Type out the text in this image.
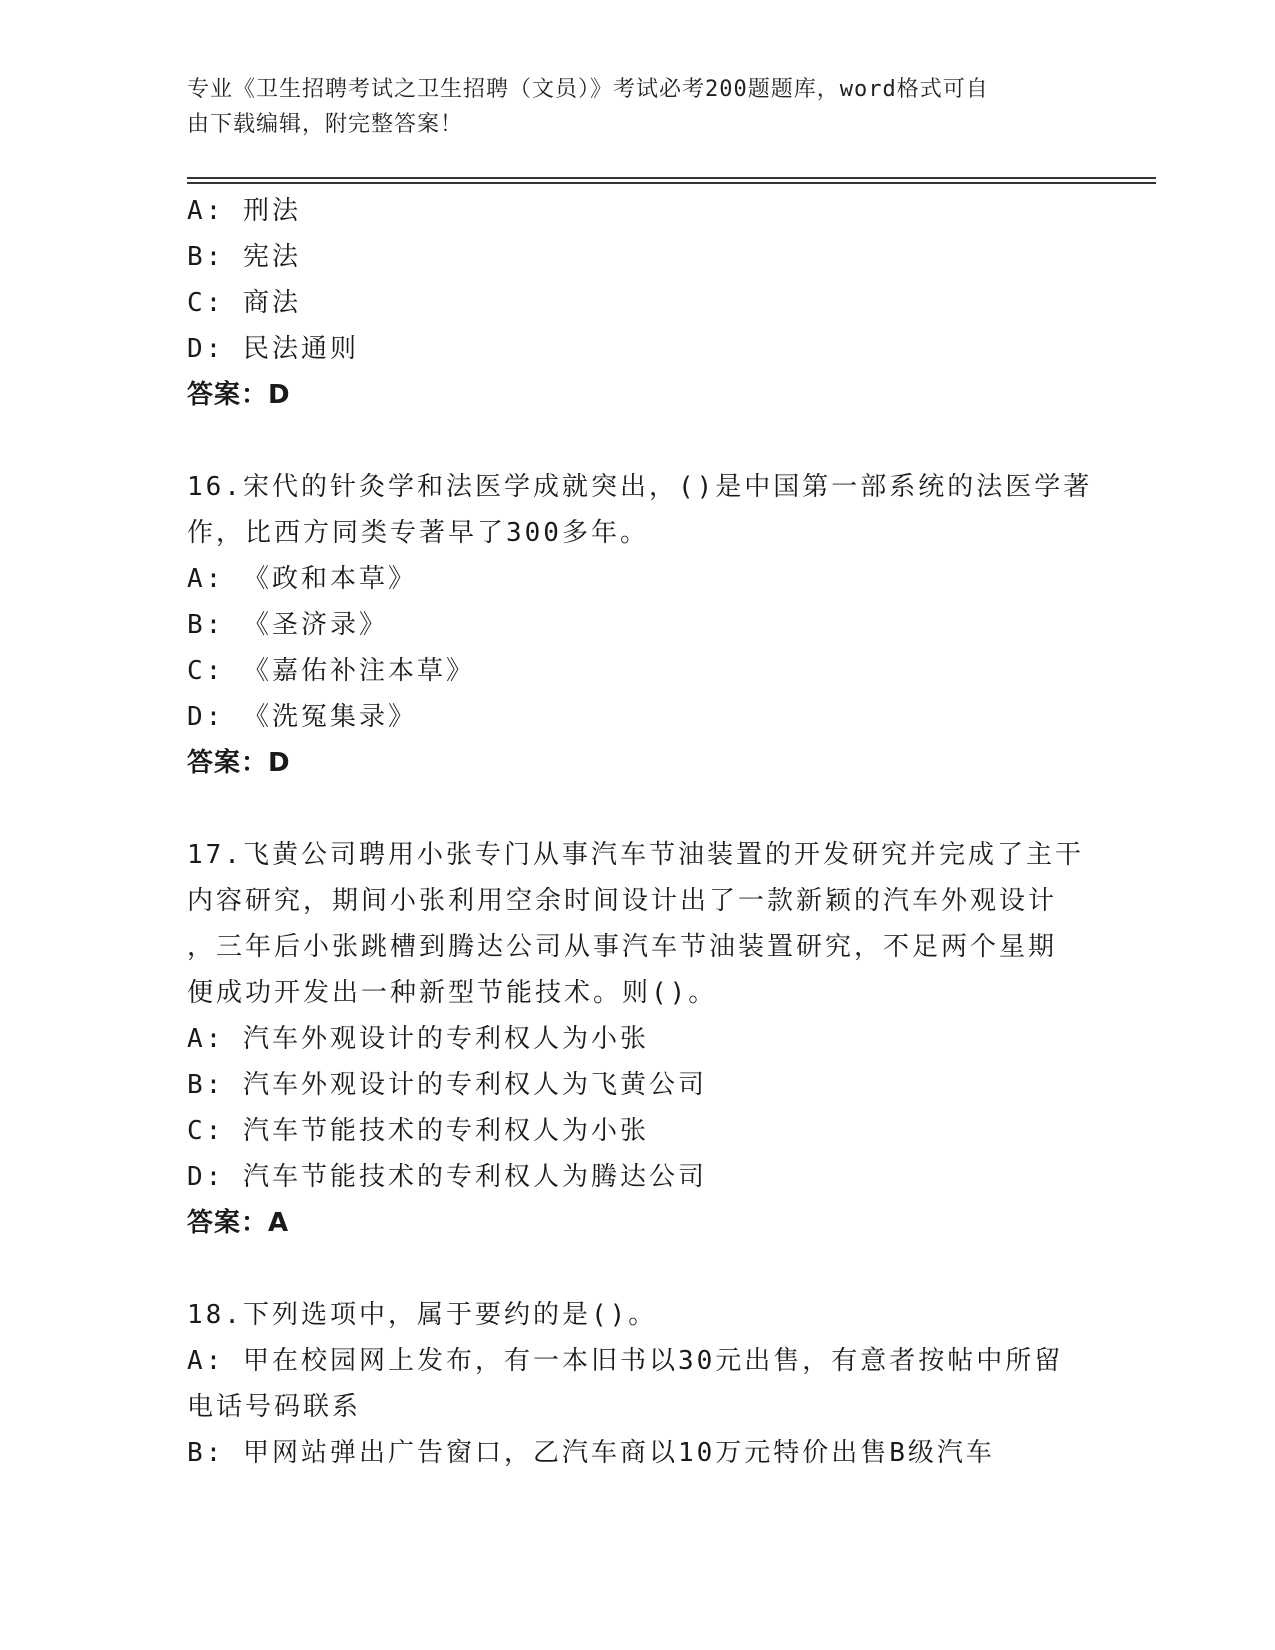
专业《卫生招聘考试之卫生招聘（文员）》考试必考200题题库，word格式可自
由下载编辑，附完整答案！
A: 刑法
B: 宪法
C: 商法
D: 民法通则
答案：D
16.宋代的针灸学和法医学成就突出，()是中国第一部系统的法医学著
作，比西方同类专著早了300多年。
A: 《政和本草》
B: 《圣济录》
C: 《嘉佑补注本草》
D: 《洗冤集录》
答案：D
17.飞黄公司聘用小张专门从事汽车节油装置的开发研究并完成了主干
内容研究，期间小张利用空余时间设计出了一款新颖的汽车外观设计
，三年后小张跳槽到腾达公司从事汽车节油装置研究，不足两个星期
便成功开发出一种新型节能技术。则()。
A: 汽车外观设计的专利权人为小张
B: 汽车外观设计的专利权人为飞黄公司
C: 汽车节能技术的专利权人为小张
D: 汽车节能技术的专利权人为腾达公司
答案：A
18.下列选项中，属于要约的是()。
A: 甲在校园网上发布，有一本旧书以30元出售，有意者按帖中所留
电话号码联系
B: 甲网站弹出广告窗口，乙汽车商以10万元特价出售B级汽车
